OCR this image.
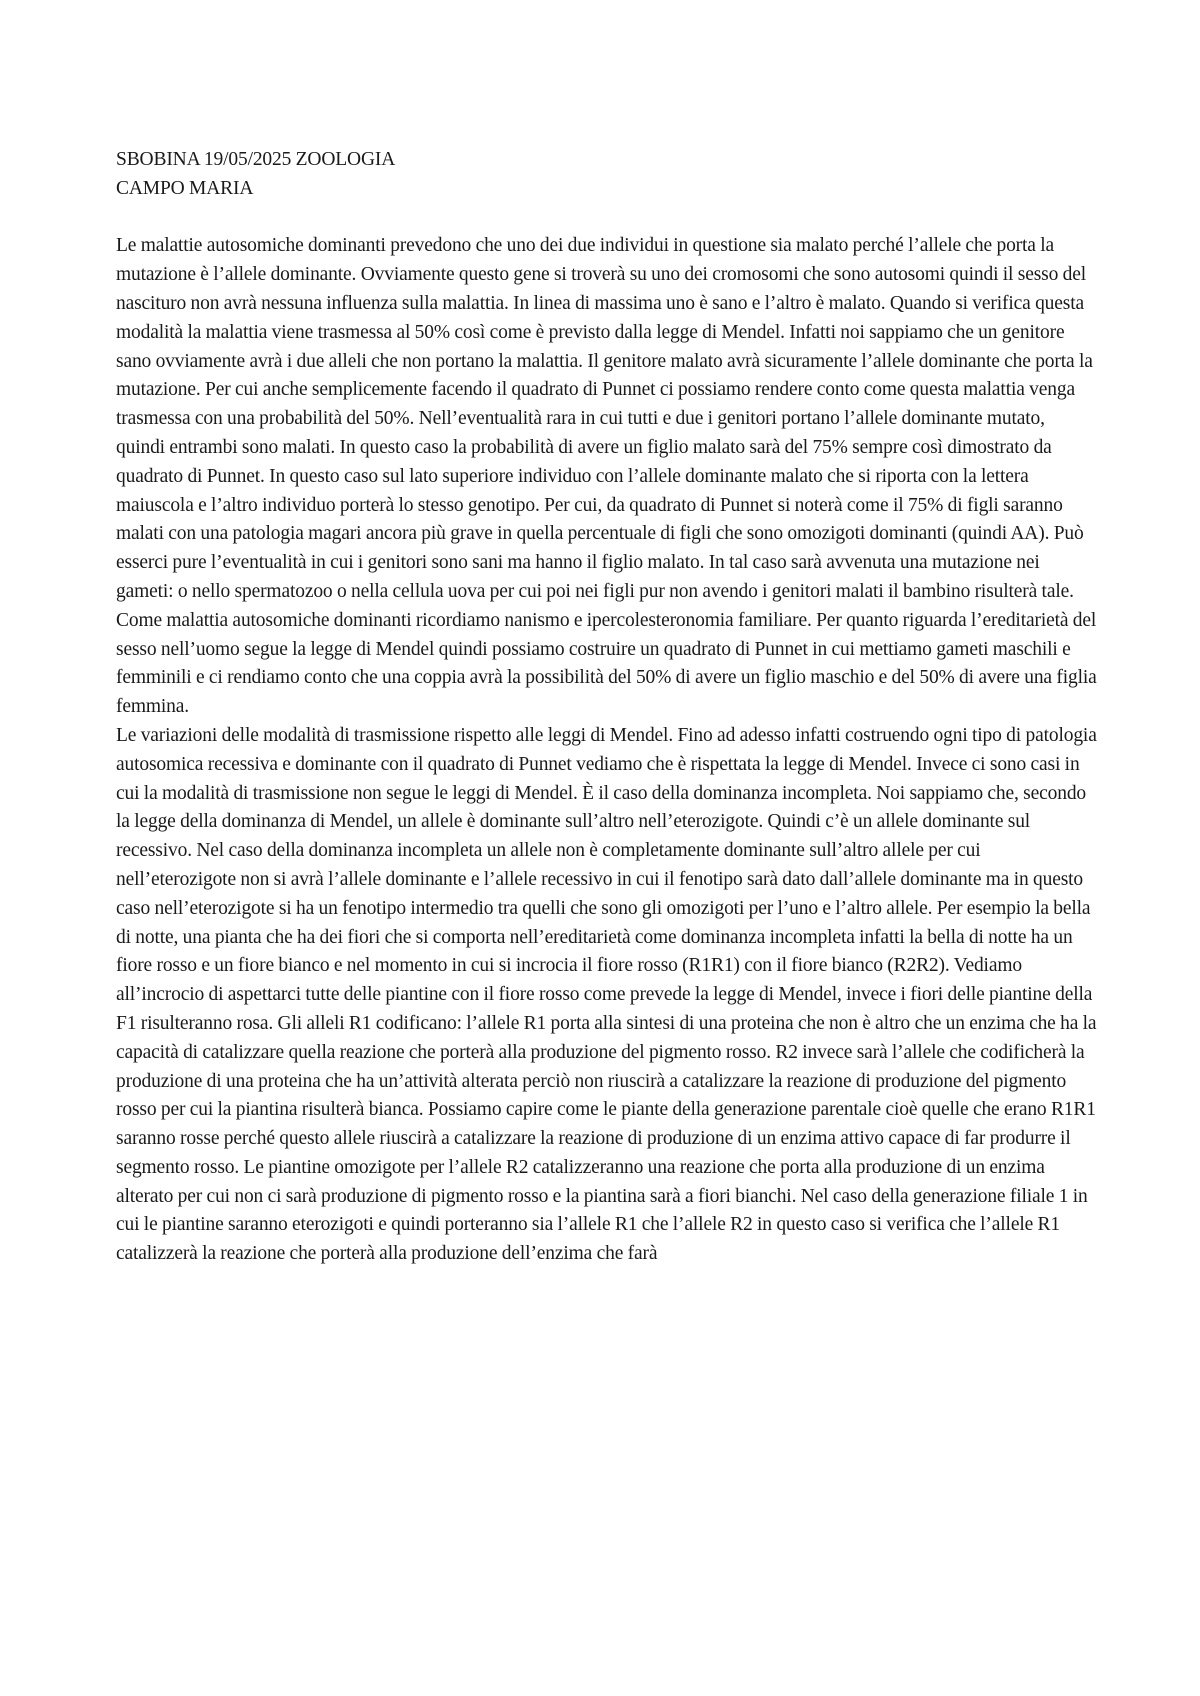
SBOBINA 19/05/2025 ZOOLOGIA

CAMPO MARIA

Le malattie autosomiche dominanti prevedono che uno dei due individui in questione sia malato perché l’allele che porta la mutazione è l’allele dominante. Ovviamente questo gene si troverà su uno dei cromosomi che sono autosomi quindi il sesso del nascituro non avrà nessuna influenza sulla malattia. In linea di massima uno è sano e l’altro è malato. Quando si verifica questa modalità la malattia viene trasmessa al 50% così come è previsto dalla legge di Mendel. Infatti noi sappiamo che un genitore sano ovviamente avrà i due alleli che non portano la malattia. Il genitore malato avrà sicuramente l’allele dominante che porta la mutazione. Per cui anche semplicemente facendo il quadrato di Punnet ci possiamo rendere conto come questa malattia venga trasmessa con una probabilità del 50%. Nell’eventualità rara in cui tutti e due i genitori portano l’allele dominante mutato, quindi entrambi sono malati. In questo caso la probabilità di avere un figlio malato sarà del 75% sempre così dimostrato da quadrato di Punnet. In questo caso sul lato superiore individuo con l’allele dominante malato che si riporta con la lettera maiuscola e l’altro individuo porterà lo stesso genotipo. Per cui, da quadrato di Punnet si noterà come il 75% di figli saranno malati con una patologia magari ancora più grave in quella percentuale di figli che sono omozigoti dominanti (quindi AA). Può esserci pure l’eventualità in cui i genitori sono sani ma hanno il figlio malato. In tal caso sarà avvenuta una mutazione nei gameti: o nello spermatozoo o nella cellula uova per cui poi nei figli pur non avendo i genitori malati il bambino risulterà tale. Come malattia autosomiche dominanti ricordiamo nanismo e ipercolesteronomia familiare. Per quanto riguarda l’ereditarietà del sesso nell’uomo segue la legge di Mendel quindi possiamo costruire un quadrato di Punnet in cui mettiamo gameti maschili e femminili e ci rendiamo conto che una coppia avrà la possibilità del 50% di avere un figlio maschio e del 50% di avere una figlia femmina.

Le variazioni delle modalità di trasmissione rispetto alle leggi di Mendel. Fino ad adesso infatti costruendo ogni tipo di patologia autosomica recessiva e dominante con il quadrato di Punnet vediamo che è rispettata la legge di Mendel. Invece ci sono casi in cui la modalità di trasmissione non segue le leggi di Mendel. È il caso della dominanza incompleta. Noi sappiamo che, secondo la legge della dominanza di Mendel, un allele è dominante sull’altro nell’eterozigote. Quindi c’è un allele dominante sul recessivo. Nel caso della dominanza incompleta un allele non è completamente dominante sull’altro allele per cui nell’eterozigote non si avrà l’allele dominante e l’allele recessivo in cui il fenotipo sarà dato dall’allele dominante ma in questo caso nell’eterozigote si ha un fenotipo intermedio tra quelli che sono gli omozigoti per l’uno e l’altro allele. Per esempio la bella di notte, una pianta che ha dei fiori che si comporta nell’ereditarietà come dominanza incompleta infatti la bella di notte ha un fiore rosso e un fiore bianco e nel momento in cui si incrocia il fiore rosso (R1R1) con il fiore bianco (R2R2). Vediamo all’incrocio di aspettarci tutte delle piantine con il fiore rosso come prevede la legge di Mendel, invece i fiori delle piantine della F1 risulteranno rosa. Gli alleli R1 codificano: l’allele R1 porta alla sintesi di una proteina che non è altro che un enzima che ha la capacità di catalizzare quella reazione che porterà alla produzione del pigmento rosso. R2 invece sarà l’allele che codificherà la produzione di una proteina che ha un’attività alterata perciò non riuscirà a catalizzare la reazione di produzione del pigmento rosso per cui la piantina risulterà bianca. Possiamo capire come le piante della generazione parentale cioè quelle che erano R1R1 saranno rosse perché questo allele riuscirà a catalizzare la reazione di produzione di un enzima attivo capace di far produrre il segmento rosso. Le piantine omozigote per l’allele R2 catalizzeranno una reazione che porta alla produzione di un enzima alterato per cui non ci sarà produzione di pigmento rosso e la piantina sarà a fiori bianchi. Nel caso della generazione filiale 1 in cui le piantine saranno eterozigoti e quindi porteranno sia l’allele R1 che l’allele R2 in questo caso si verifica che l’allele R1 catalizzerà la reazione che porterà alla produzione dell’enzima che farà
